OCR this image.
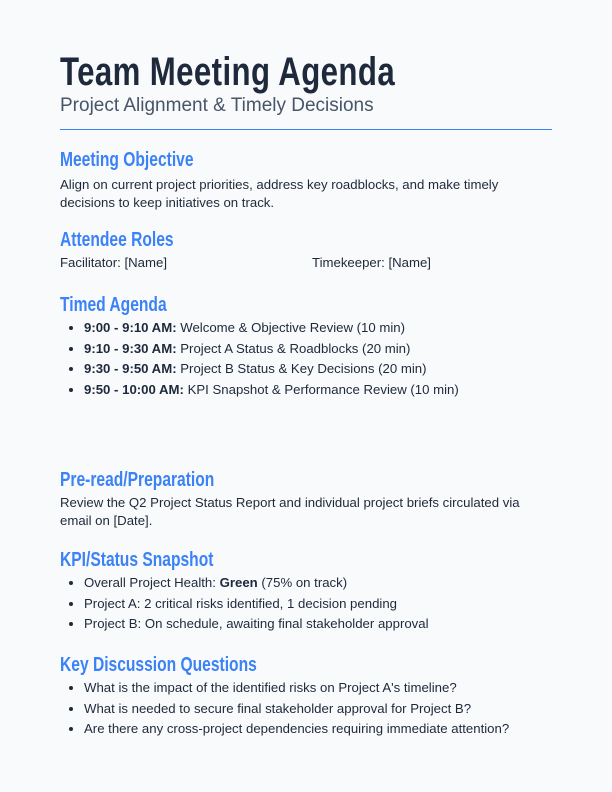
Team Meeting Agenda
Project Alignment & Timely Decisions
Meeting Objective

Align on current project priorities, address key roadblocks, and make timely decisions to keep initiatives on track.

Attendee Roles
Facilitator: [Name]	Timekeeper: [Name]
Timed Agenda
• 9:00 - 9:10 AM: Welcome & Objective Review (10 min)
• 9:10 - 9:30 AM: Project A Status & Roadblocks (20 min)
• 9:30 - 9:50 AM: Project B Status & Key Decisions (20 min)
• 9:50 - 10:00 AM: KPI Snapshot & Performance Review (10 min)
Pre-read/Preparation

Review the Q2 Project Status Report and individual project briefs circulated via email on [Date].

KPI/Status Snapshot
• Overall Project Health: Green (75% on track)
• Project A: 2 critical risks identified, 1 decision pending
• Project B: On schedule, awaiting final stakeholder approval
Key Discussion Questions
• What is the impact of the identified risks on Project A's timeline?
• What is needed to secure final stakeholder approval for Project B?
• Are there any cross-project dependencies requiring immediate attention?
